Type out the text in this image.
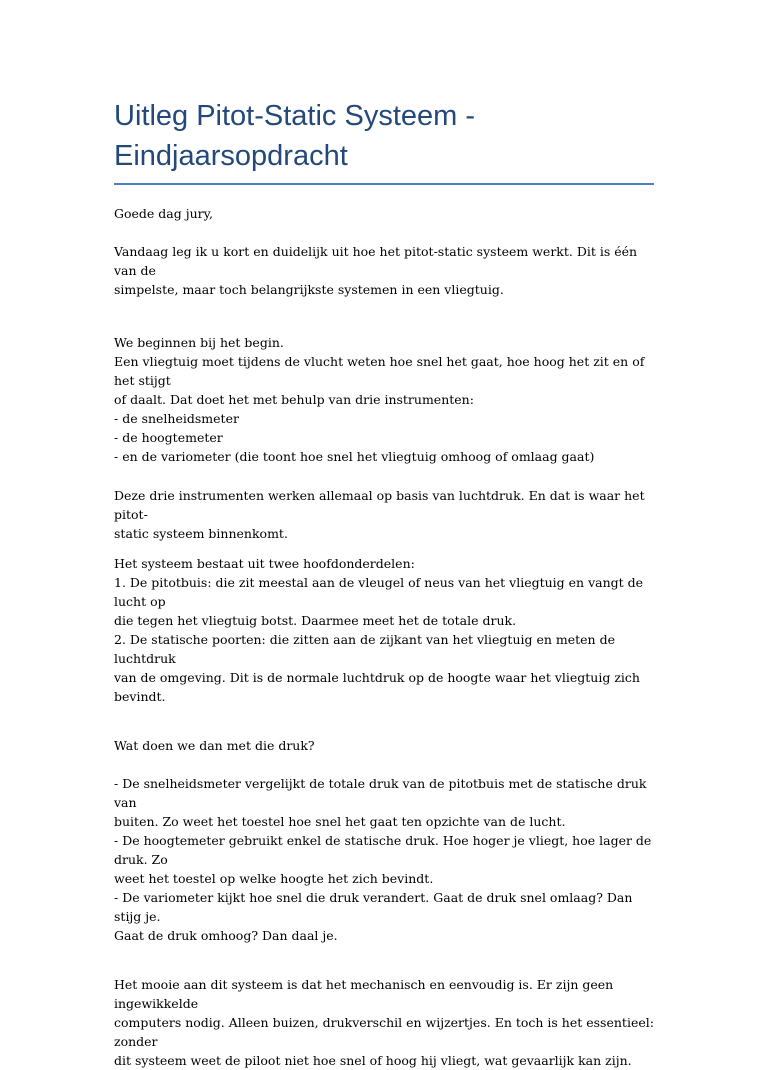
Uitleg Pitot-Static Systeem -
Eindjaarsopdracht

Goede dag jury,

Vandaag leg ik u kort en duidelijk uit hoe het pitot-static systeem werkt. Dit is één van de
simpelste, maar toch belangrijkste systemen in een vliegtuig.

We beginnen bij het begin.
Een vliegtuig moet tijdens de vlucht weten hoe snel het gaat, hoe hoog het zit en of het stijgt
of daalt. Dat doet het met behulp van drie instrumenten:
- de snelheidsmeter
- de hoogtemeter
- en de variometer (die toont hoe snel het vliegtuig omhoog of omlaag gaat)

Deze drie instrumenten werken allemaal op basis van luchtdruk. En dat is waar het pitot-
static systeem binnenkomt.

Het systeem bestaat uit twee hoofdonderdelen:
1. De pitotbuis: die zit meestal aan de vleugel of neus van het vliegtuig en vangt de lucht op
die tegen het vliegtuig botst. Daarmee meet het de totale druk.
2. De statische poorten: die zitten aan de zijkant van het vliegtuig en meten de luchtdruk
van de omgeving. Dit is de normale luchtdruk op de hoogte waar het vliegtuig zich bevindt.

Wat doen we dan met die druk?

- De snelheidsmeter vergelijkt de totale druk van de pitotbuis met de statische druk van
buiten. Zo weet het toestel hoe snel het gaat ten opzichte van de lucht.
- De hoogtemeter gebruikt enkel de statische druk. Hoe hoger je vliegt, hoe lager de druk. Zo
weet het toestel op welke hoogte het zich bevindt.
- De variometer kijkt hoe snel die druk verandert. Gaat de druk snel omlaag? Dan stijg je.
Gaat de druk omhoog? Dan daal je.

Het mooie aan dit systeem is dat het mechanisch en eenvoudig is. Er zijn geen ingewikkelde
computers nodig. Alleen buizen, drukverschil en wijzertjes. En toch is het essentieel: zonder
dit systeem weet de piloot niet hoe snel of hoog hij vliegt, wat gevaarlijk kan zijn.
